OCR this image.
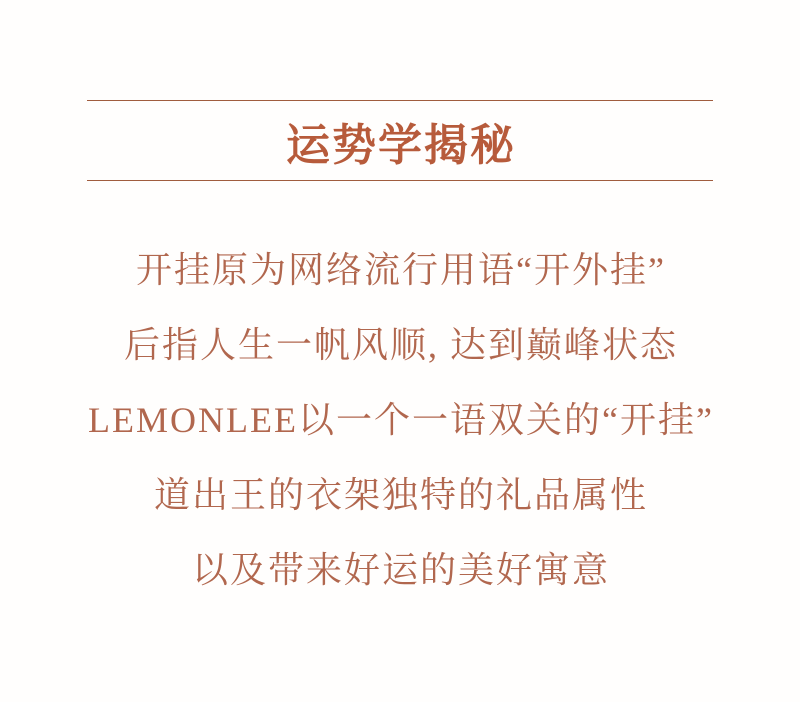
运势学揭秘
开挂原为网络流行用语“开外挂”
后指人生一帆风顺, 达到巅峰状态
LEMONLEE以一个一语双关的“开挂”
道出王的衣架独特的礼品属性
以及带来好运的美好寓意
